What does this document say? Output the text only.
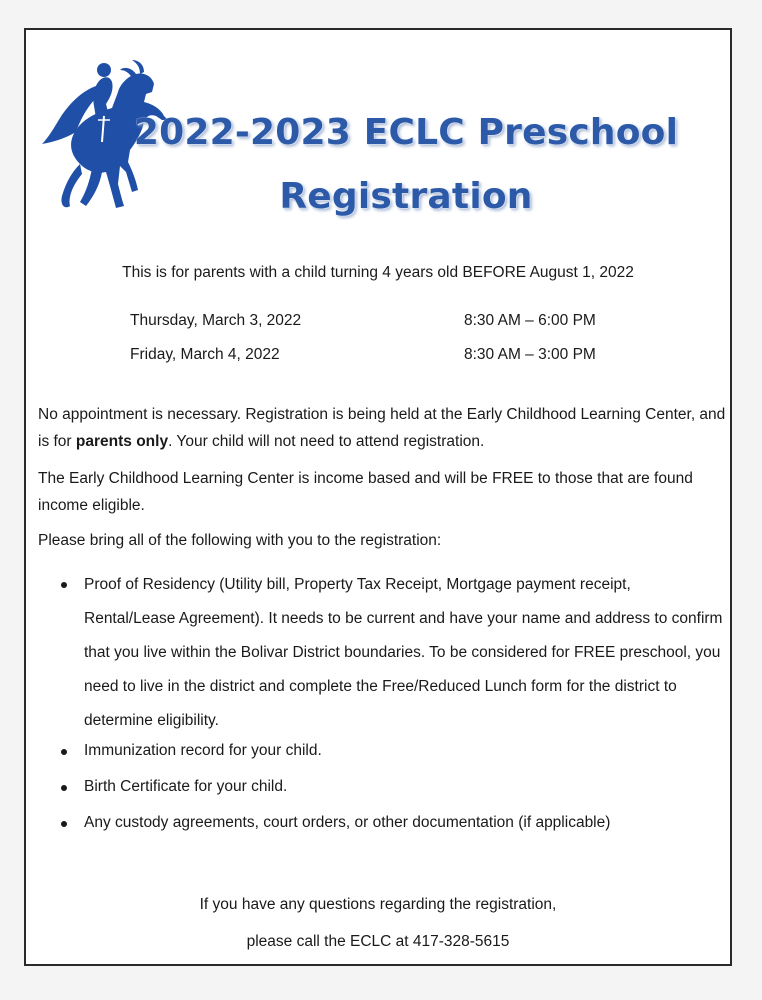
2022-2023 ECLC Preschool
Registration
This is for parents with a child turning 4 years old BEFORE August 1, 2022
Thursday, March 3, 2022	8:30 AM – 6:00 PM
Friday, March 4, 2022	8:30 AM – 3:00 PM
No appointment is necessary. Registration is being held at the Early Childhood Learning Center, and is for parents only. Your child will not need to attend registration.
The Early Childhood Learning Center is income based and will be FREE to those that are found income eligible.
Please bring all of the following with you to the registration:
Proof of Residency (Utility bill, Property Tax Receipt, Mortgage payment receipt, Rental/Lease Agreement). It needs to be current and have your name and address to confirm that you live within the Bolivar District boundaries. To be considered for FREE preschool, you need to live in the district and complete the Free/Reduced Lunch form for the district to determine eligibility.
Immunization record for your child.
Birth Certificate for your child.
Any custody agreements, court orders, or other documentation (if applicable)
If you have any questions regarding the registration,
please call the ECLC at 417-328-5615
